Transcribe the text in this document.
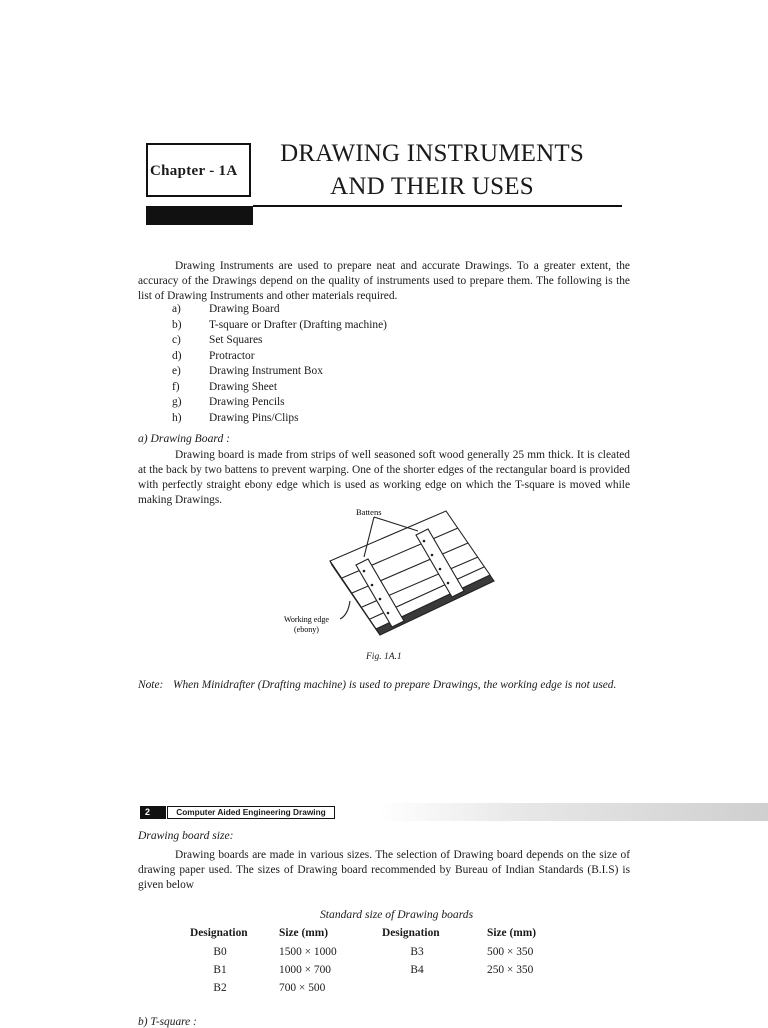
Chapter - 1A
DRAWING INSTRUMENTS
AND THEIR USES
Drawing Instruments are used to prepare neat and accurate Drawings. To a greater extent, the accuracy of the Drawings depend on the quality of instruments used to prepare them. The following is the list of Drawing Instruments and other materials required.
a) Drawing Board
b) T-square or Drafter (Drafting machine)
c) Set Squares
d) Protractor
e) Drawing Instrument Box
f)	Drawing Sheet
g) Drawing Pencils
h) Drawing Pins/Clips
a) Drawing Board :
Drawing board is made from strips of well seasoned soft wood generally 25 mm thick. It is cleated at the back by two battens to prevent warping. One of the shorter edges of the rectangular board is provided with perfectly straight ebony edge which is used as working edge on which the T-square is moved while making Drawings.
Battens
Working edge
(ebony)
Fig. 1A.1
Note: When Minidrafter (Drafting machine) is used to prepare Drawings, the working edge is not used.
2	Computer Aided Engineering Drawing
Drawing board size:
Drawing boards are made in various sizes. The selection of Drawing board depends on the size of drawing paper used. The sizes of Drawing board recommended by Bureau of Indian Standards (B.I.S) is given below
Standard size of Drawing boards
Designation	Size (mm)	Designation	Size (mm)
B0	1500 × 1000	B3	500 × 350
B1	1000 × 700	B4	250 × 350
B2	700 × 500
b) T-square :
